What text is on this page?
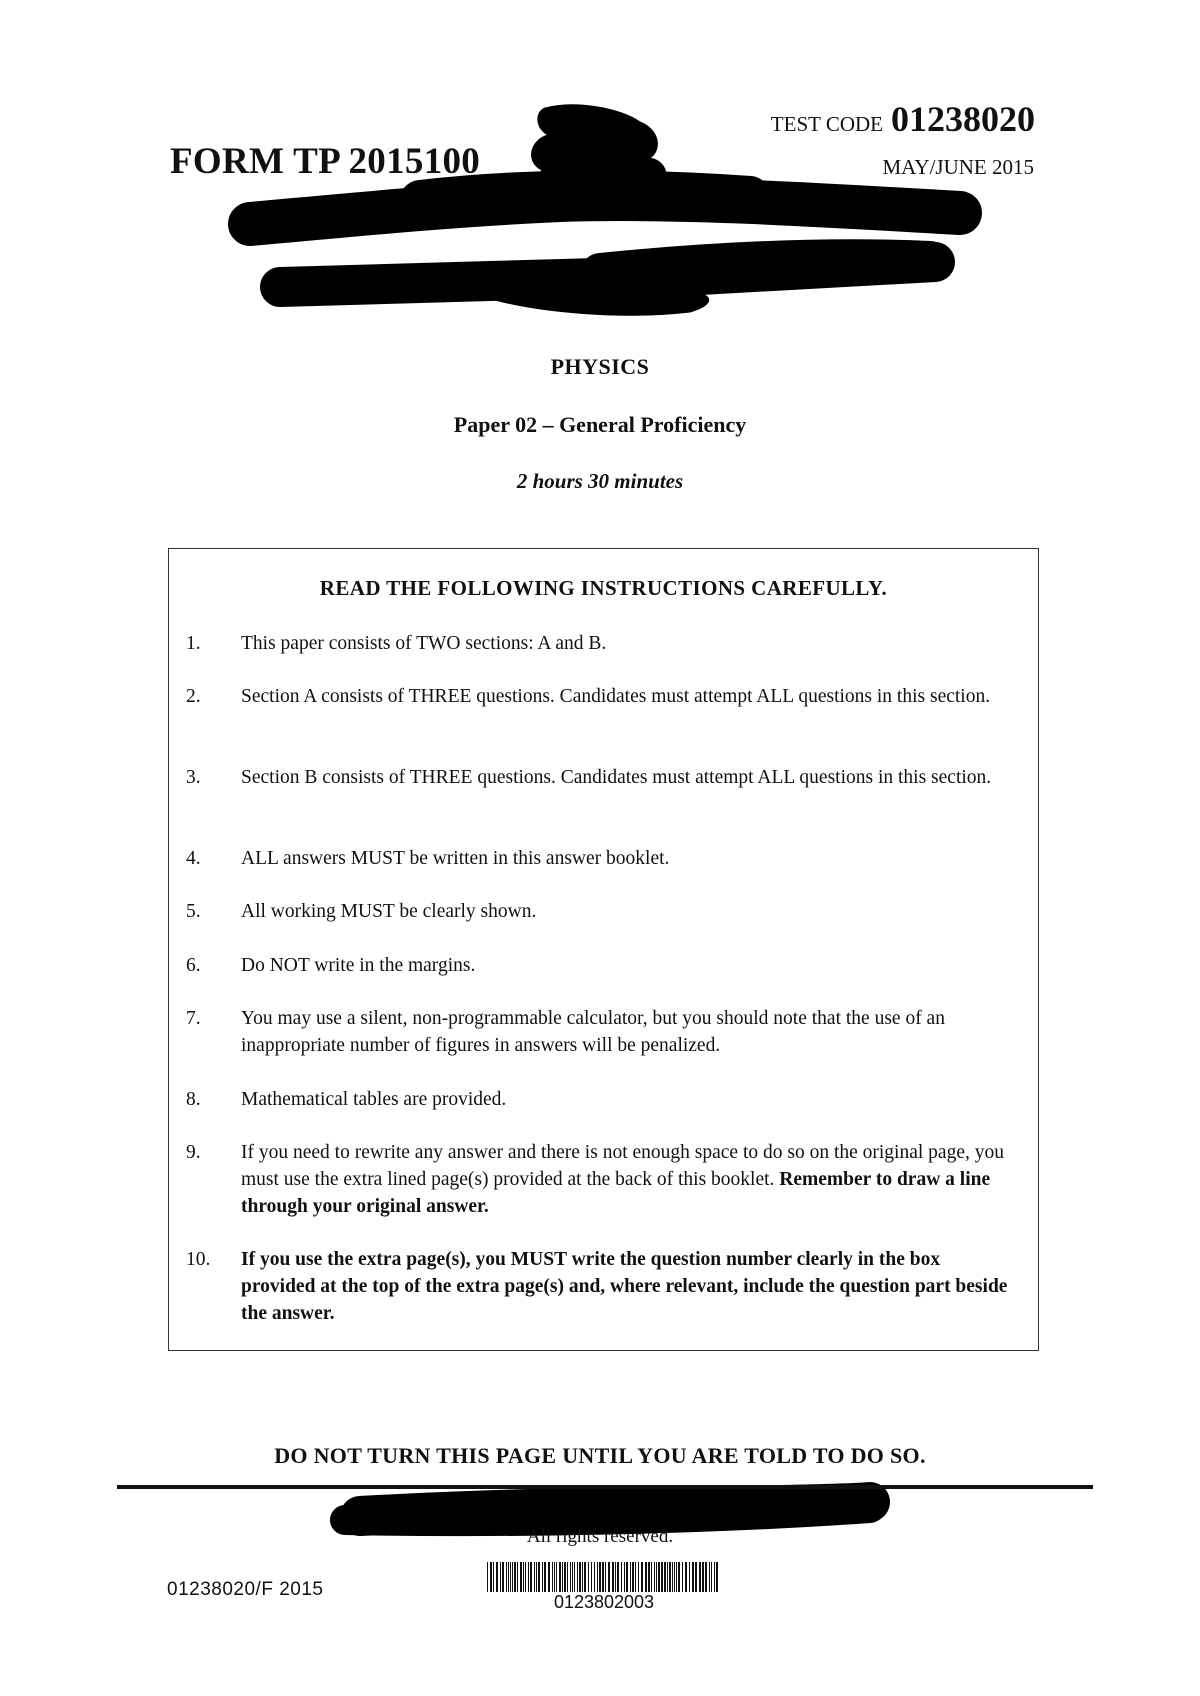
FORM TP 2015100
TEST CODE 01238020
MAY/JUNE 2015
PHYSICS
Paper 02 – General Proficiency
2 hours 30 minutes
READ THE FOLLOWING INSTRUCTIONS CAREFULLY.
1.	This paper consists of TWO sections: A and B.
2.	Section A consists of THREE questions. Candidates must attempt ALL questions in this section.
3.	Section B consists of THREE questions. Candidates must attempt ALL questions in this section.
4.	ALL answers MUST be written in this answer booklet.
5.	All working MUST be clearly shown.
6.	Do NOT write in the margins.
7.	You may use a silent, non-programmable calculator, but you should note that the use of an inappropriate number of figures in answers will be penalized.
8.	Mathematical tables are provided.
9.	If you need to rewrite any answer and there is not enough space to do so on the original page, you must use the extra lined page(s) provided at the back of this booklet. Remember to draw a line through your original answer.
10.	If you use the extra page(s), you MUST write the question number clearly in the box provided at the top of the extra page(s) and, where relevant, include the question part beside the answer.
DO NOT TURN THIS PAGE UNTIL YOU ARE TOLD TO DO SO.
All rights reserved.
01238020/F 2015
0123802003
